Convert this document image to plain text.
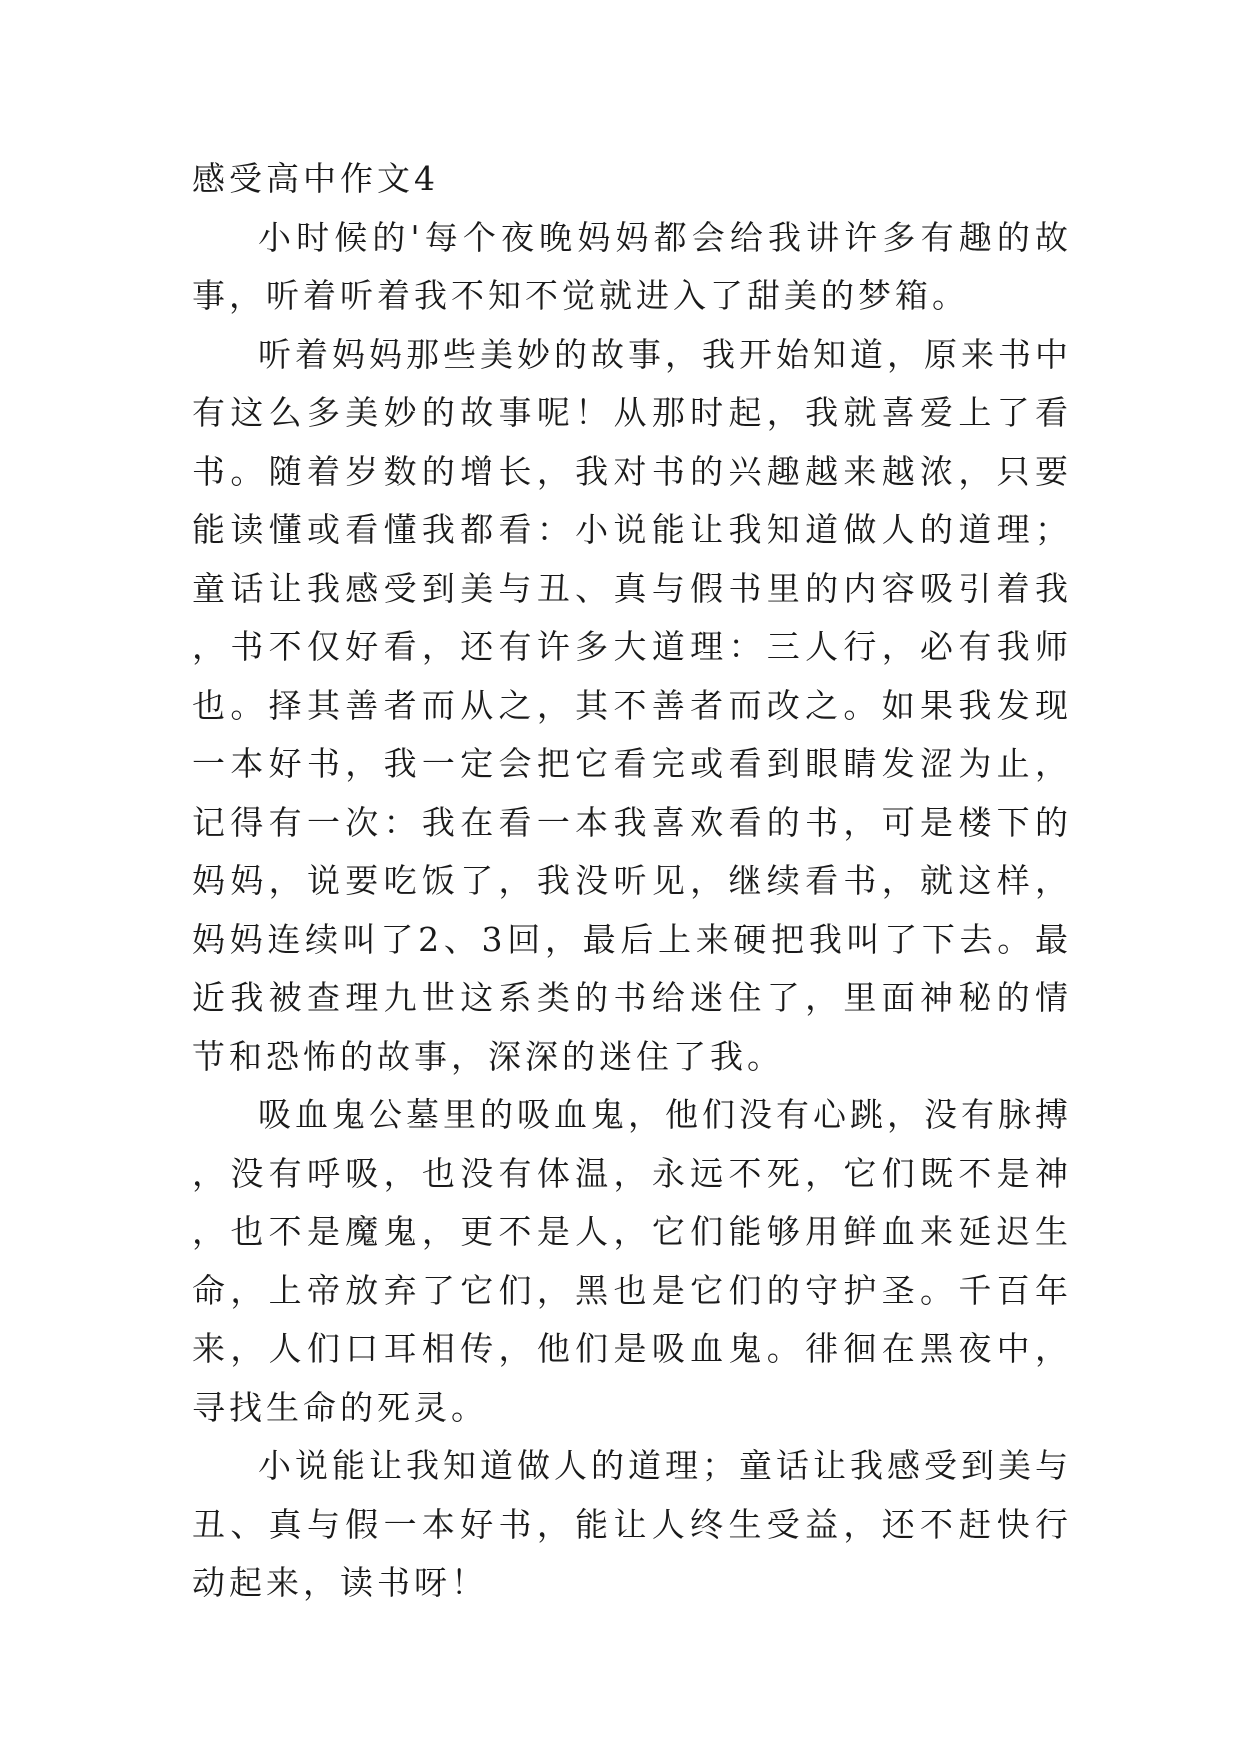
感受高中作文4

小时候的'每个夜晚妈妈都会给我讲许多有趣的故事，听着听着我不知不觉就进入了甜美的梦箱。

听着妈妈那些美妙的故事，我开始知道，原来书中有这么多美妙的故事呢！从那时起，我就喜爱上了看书。随着岁数的增长，我对书的兴趣越来越浓，只要能读懂或看懂我都看：小说能让我知道做人的道理；童话让我感受到美与丑、真与假书里的内容吸引着我，书不仅好看，还有许多大道理：三人行，必有我师也。择其善者而从之，其不善者而改之。如果我发现一本好书，我一定会把它看完或看到眼睛发涩为止，记得有一次：我在看一本我喜欢看的书，可是楼下的妈妈，说要吃饭了，我没听见，继续看书，就这样，妈妈连续叫了2、3回，最后上来硬把我叫了下去。最近我被查理九世这系类的书给迷住了，里面神秘的情节和恐怖的故事，深深的迷住了我。

吸血鬼公墓里的吸血鬼，他们没有心跳，没有脉搏，没有呼吸，也没有体温，永远不死，它们既不是神，也不是魔鬼，更不是人，它们能够用鲜血来延迟生命，上帝放弃了它们，黑也是它们的守护圣。千百年来，人们口耳相传，他们是吸血鬼。徘徊在黑夜中，寻找生命的死灵。

小说能让我知道做人的道理；童话让我感受到美与丑、真与假一本好书，能让人终生受益，还不赶快行动起来，读书呀！
